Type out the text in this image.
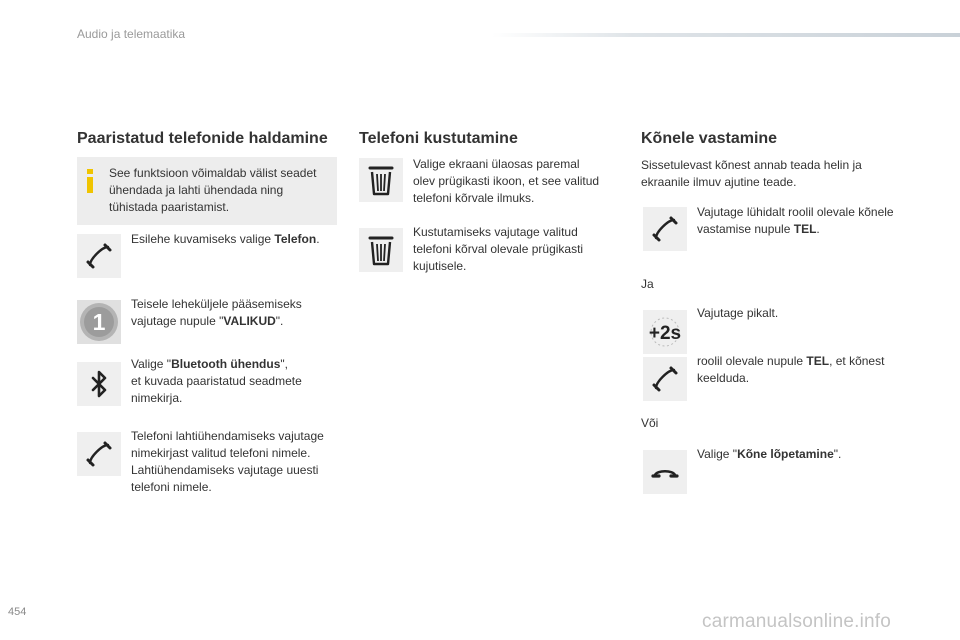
Audio ja telemaatika
Paaristatud telefonide haldamine
See funktsioon võimaldab välist seadet
ühendada ja lahti ühendada ning
tühistada paaristamist.
Esilehe kuvamiseks valige Telefon.
1
Teisele leheküljele pääsemiseks
vajutage nupule "VALIKUD".
Valige "Bluetooth ühendus",
et kuvada paaristatud seadmete
nimekirja.
Telefoni lahtiühendamiseks vajutage
nimekirjast valitud telefoni nimele.
Lahtiühendamiseks vajutage uuesti
telefoni nimele.
Telefoni kustutamine
Valige ekraani ülaosas paremal
olev prügikasti ikoon, et see valitud
telefoni kõrvale ilmuks.
Kustutamiseks vajutage valitud
telefoni kõrval olevale prügikasti
kujutisele.
Kõnele vastamine
Sissetulevast kõnest annab teada helin ja
ekraanile ilmuv ajutine teade.
Vajutage lühidalt roolil olevale kõnele
vastamise nupule TEL.
Ja
+2s
Vajutage pikalt.
roolil olevale nupule TEL, et kõnest
keelduda.
Või
Valige "Kõne lõpetamine".
454	carmanualsonline.info
